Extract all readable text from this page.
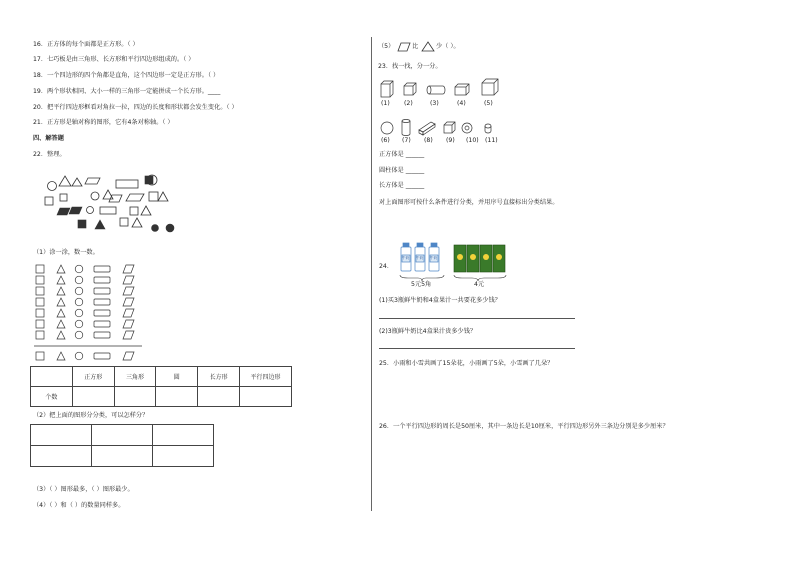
16．正方体的每个面都是正方形。（ ）
17．七巧板是由三角形、长方形和平行四边形组成的。（ ）
18．一个四边形的四个角都是直角，这个四边形一定是正方形。（ ）
19．两个形状相同、大小一样的三角形一定能拼成一个长方形。____
20．把平行四边形框看对角拉一拉，四边的长度和形状都会发生变化。（ ）
21．正方形是轴对称的图形，它有4条对称轴。（ ）
四、解答题
22．整理。
（1）涂一涂，数一数。
	正方形	三角形	圆	长方形	平行四边形
个数					
（2）把上面的图形分分类，可以怎样分？

（3）（ ）图形最多，（ ）图形最少。
（4）（ ）和（ ）的数量同样多。
（5）	比	少（ ）。
23．找一找，分一分。
(1) (2)	(3)	(4)	(5)
(6) (7) (8) (9) (10) (11)
正方体是 ______
圆柱体是 ______
长方体是 ______
对上面图形可按什么条件进行分类，并用序号直接标出分类结果。
24．
牛奶 牛奶 牛奶
5元5角	4元
(1)买3瓶鲜牛奶和4盒果汁一共要花多少钱？
(2)3瓶鲜牛奶比4盒果汁贵多少钱？
25．小雨和小雪共画了15朵花，小雨画了5朵，小雪画了几朵？
26．一个平行四边形的周长是50厘米，其中一条边长是10厘米，平行四边形另外三条边分别是多少厘米？
